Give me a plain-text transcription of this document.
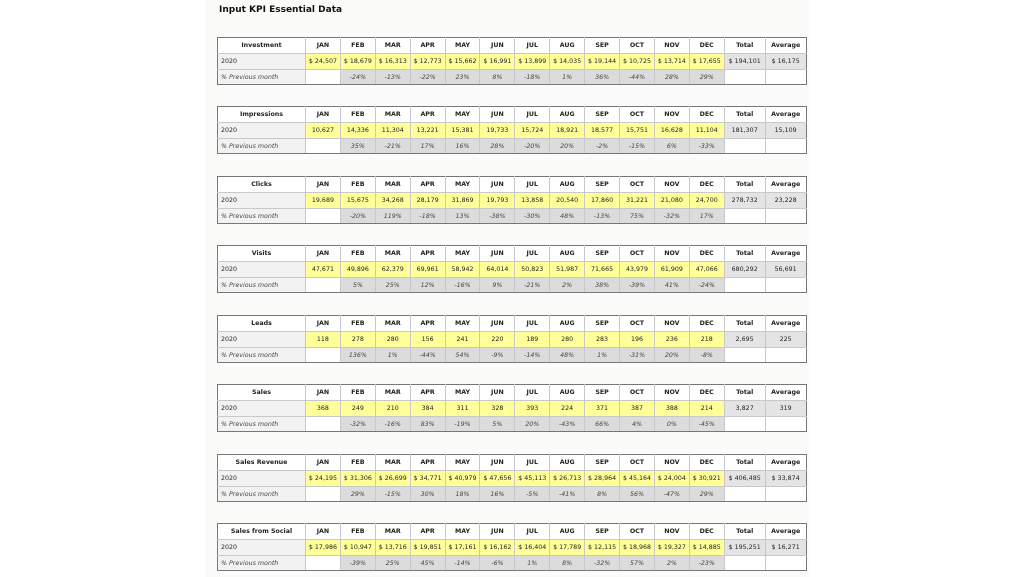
Input KPI Essential Data
Investment	JAN	FEB	MAR	APR	MAY	JUN	JUL	AUG	SEP	OCT	NOV	DEC	Total	Average
2020	$ 24,507	$ 18,679	$ 16,313	$ 12,773	$ 15,662	$ 16,991	$ 13,899	$ 14,035	$ 19,144	$ 10,725	$ 13,714	$ 17,655	$ 194,101	$ 16,175
% Previous month		-24%	-13%	-22%	23%	8%	-18%	1%	36%	-44%	28%	29%		
Impressions	JAN	FEB	MAR	APR	MAY	JUN	JUL	AUG	SEP	OCT	NOV	DEC	Total	Average
2020	10,627	14,336	11,304	13,221	15,381	19,733	15,724	18,921	18,577	15,751	16,628	11,104	181,307	15,109
% Previous month		35%	-21%	17%	16%	28%	-20%	20%	-2%	-15%	6%	-33%		
Clicks	JAN	FEB	MAR	APR	MAY	JUN	JUL	AUG	SEP	OCT	NOV	DEC	Total	Average
2020	19,689	15,675	34,268	28,179	31,869	19,793	13,858	20,540	17,860	31,221	21,080	24,700	278,732	23,228
% Previous month		-20%	119%	-18%	13%	-38%	-30%	48%	-13%	75%	-32%	17%		
Visits	JAN	FEB	MAR	APR	MAY	JUN	JUL	AUG	SEP	OCT	NOV	DEC	Total	Average
2020	47,671	49,896	62,379	69,961	58,942	64,014	50,823	51,987	71,665	43,979	61,909	47,066	680,292	56,691
% Previous month		5%	25%	12%	-16%	9%	-21%	2%	38%	-39%	41%	-24%		
Leads	JAN	FEB	MAR	APR	MAY	JUN	JUL	AUG	SEP	OCT	NOV	DEC	Total	Average
2020	118	278	280	156	241	220	189	280	283	196	236	218	2,695	225
% Previous month		136%	1%	-44%	54%	-9%	-14%	48%	1%	-31%	20%	-8%		
Sales	JAN	FEB	MAR	APR	MAY	JUN	JUL	AUG	SEP	OCT	NOV	DEC	Total	Average
2020	368	249	210	384	311	328	393	224	371	387	388	214	3,827	319
% Previous month		-32%	-16%	83%	-19%	5%	20%	-43%	66%	4%	0%	-45%		
Sales Revenue	JAN	FEB	MAR	APR	MAY	JUN	JUL	AUG	SEP	OCT	NOV	DEC	Total	Average
2020	$ 24,195	$ 31,306	$ 26,699	$ 34,771	$ 40,979	$ 47,656	$ 45,113	$ 26,713	$ 28,964	$ 45,164	$ 24,004	$ 30,921	$ 406,485	$ 33,874
% Previous month		29%	-15%	30%	18%	16%	-5%	-41%	8%	56%	-47%	29%		
Sales from Social	JAN	FEB	MAR	APR	MAY	JUN	JUL	AUG	SEP	OCT	NOV	DEC	Total	Average
2020	$ 17,986	$ 10,947	$ 13,716	$ 19,851	$ 17,161	$ 16,162	$ 16,404	$ 17,789	$ 12,115	$ 18,968	$ 19,327	$ 14,885	$ 195,251	$ 16,271
% Previous month		-39%	25%	45%	-14%	-6%	1%	8%	-32%	57%	2%	-23%		
